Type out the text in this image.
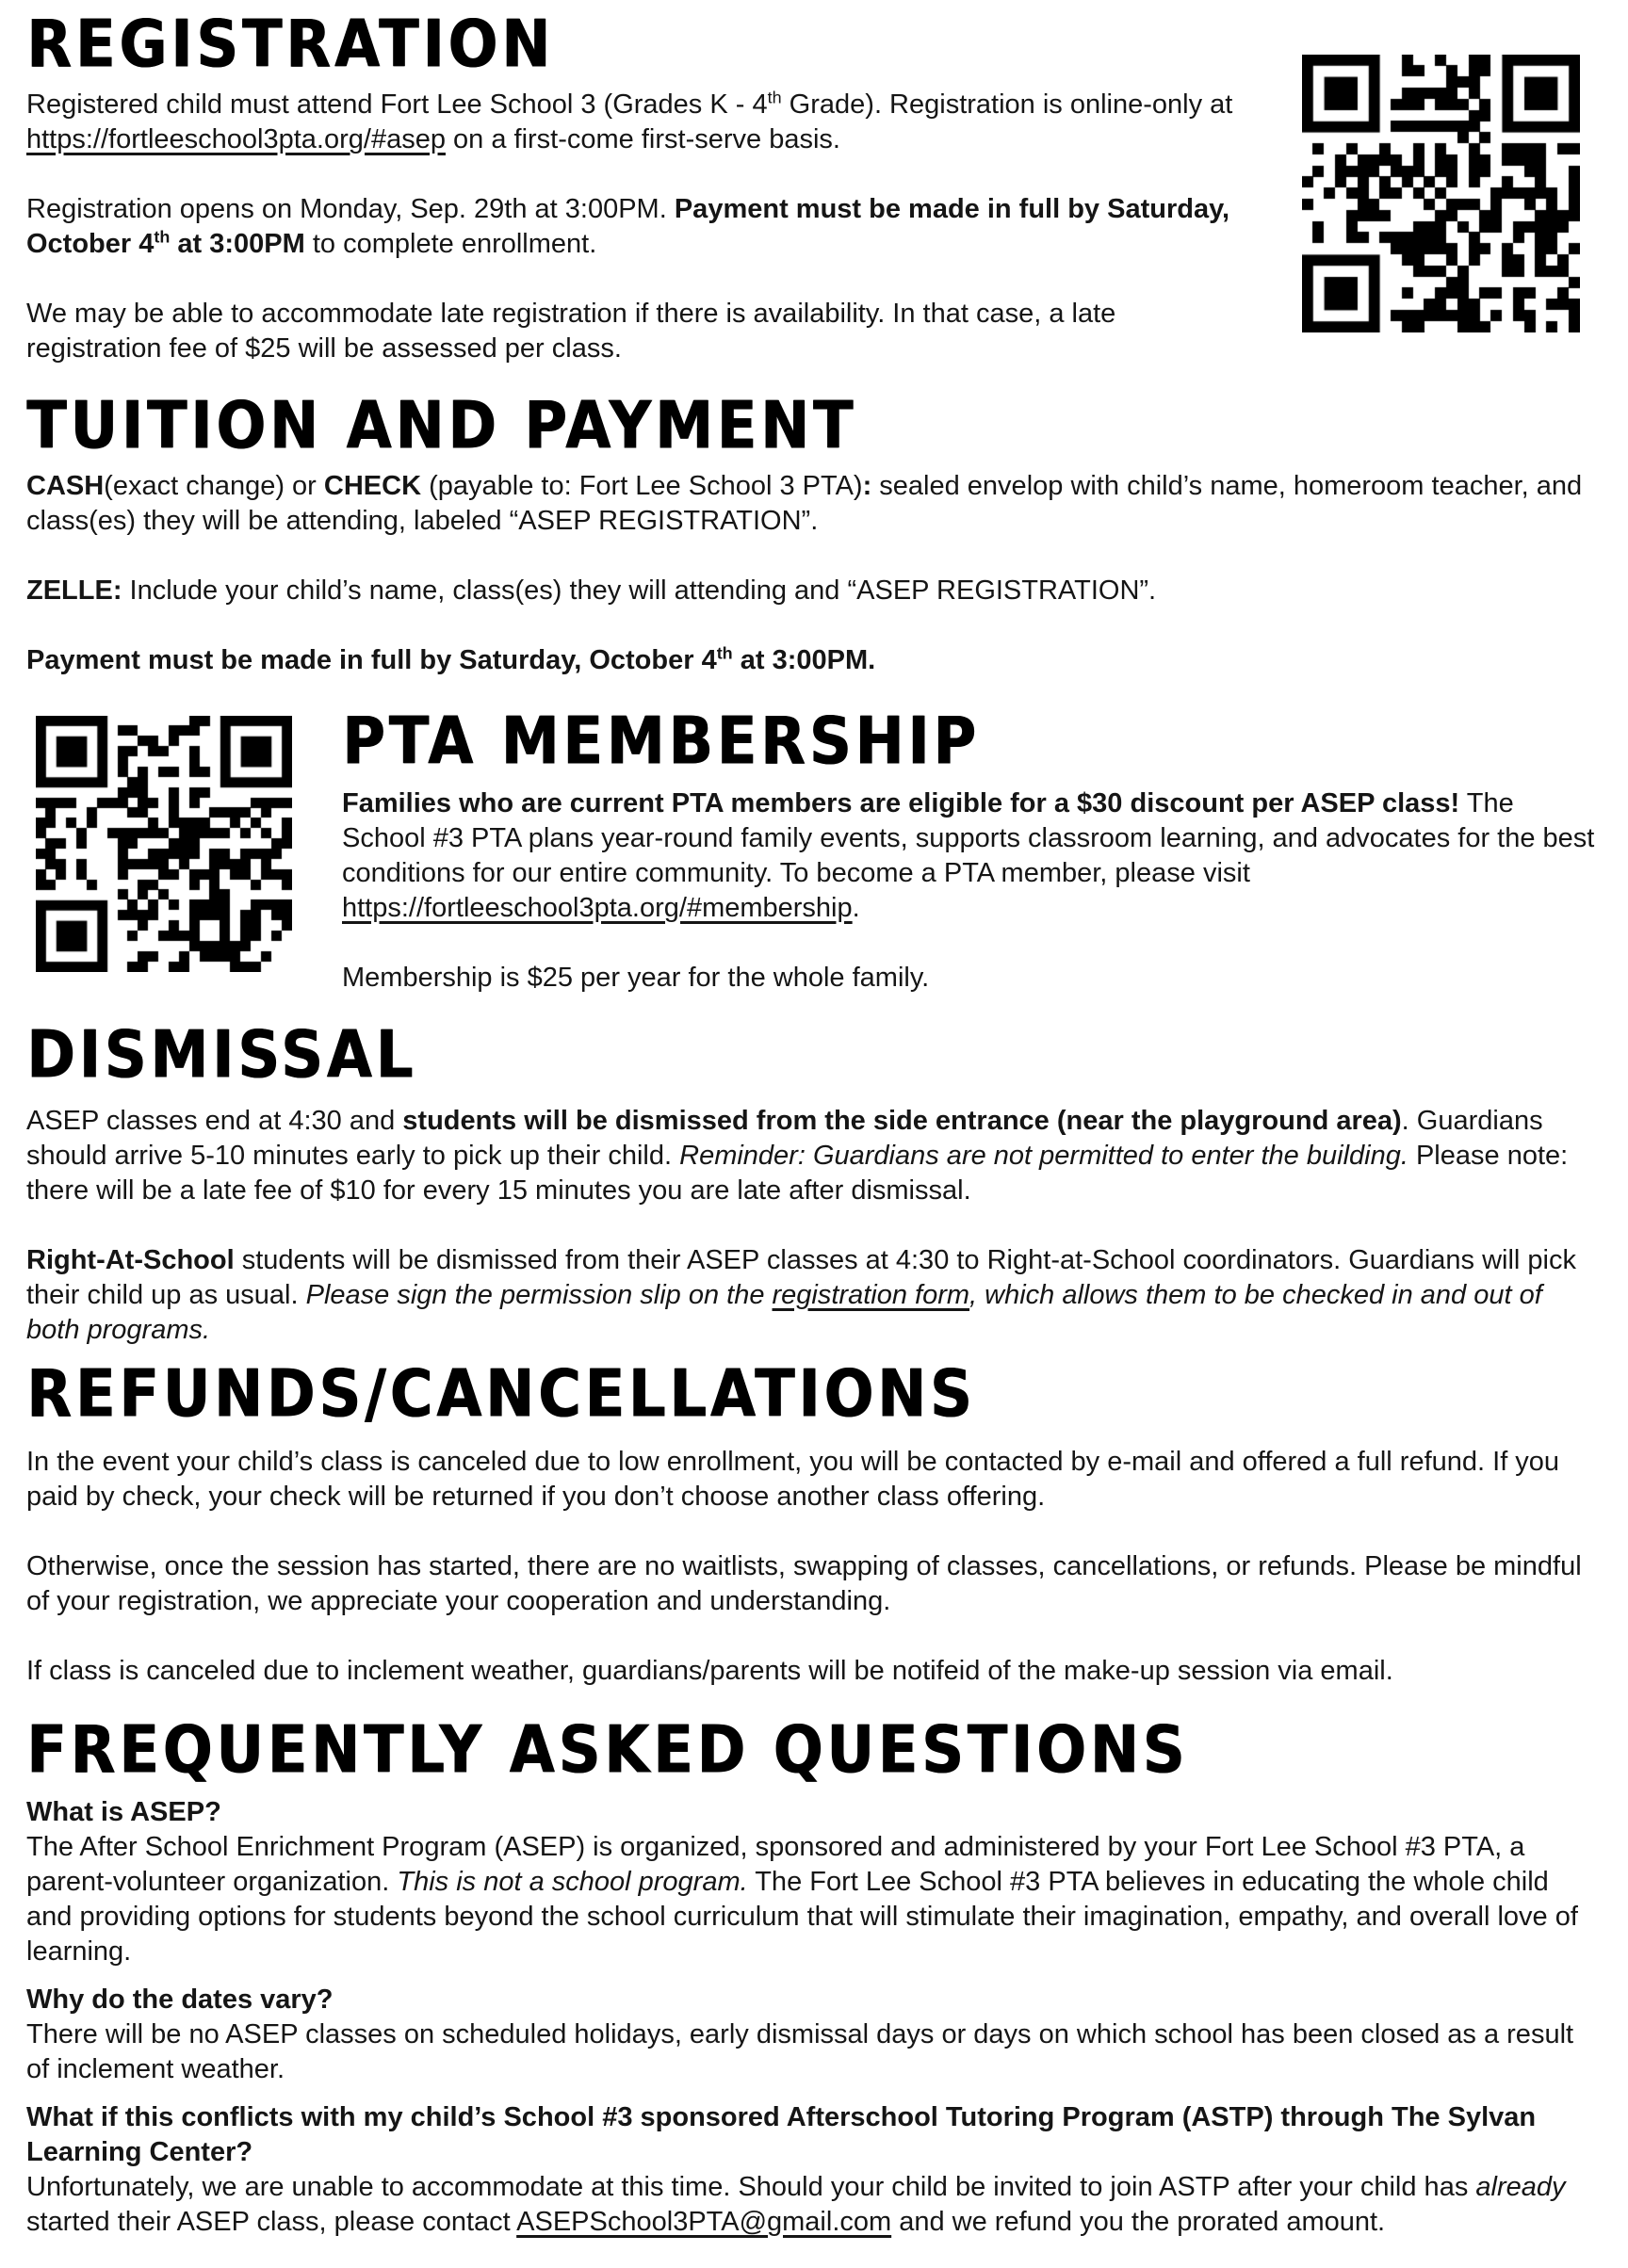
REGISTRATION

Registered child must attend Fort Lee School 3 (Grades K - 4th Grade). Registration is online-only at https://fortleeschool3pta.org/#asep on a first-come first-serve basis.

Registration opens on Monday, Sep. 29th at 3:00PM. Payment must be made in full by Saturday, October 4th at 3:00PM to complete enrollment.

We may be able to accommodate late registration if there is availability. In that case, a late registration fee of $25 will be assessed per class.

TUITION AND PAYMENT

CASH(exact change) or CHECK (payable to: Fort Lee School 3 PTA): sealed envelop with child’s name, homeroom teacher, and class(es) they will be attending, labeled “ASEP REGISTRATION”.

ZELLE: Include your child’s name, class(es) they will attending and “ASEP REGISTRATION”.

Payment must be made in full by Saturday, October 4th at 3:00PM.

PTA MEMBERSHIP

Families who are current PTA members are eligible for a $30 discount per ASEP class! The School #3 PTA plans year-round family events, supports classroom learning, and advocates for the best conditions for our entire community. To become a PTA member, please visit https://fortleeschool3pta.org/#membership.

Membership is $25 per year for the whole family.

DISMISSAL

ASEP classes end at 4:30 and students will be dismissed from the side entrance (near the playground area). Guardians should arrive 5-10 minutes early to pick up their child. Reminder: Guardians are not permitted to enter the building. Please note: there will be a late fee of $10 for every 15 minutes you are late after dismissal.

Right-At-School students will be dismissed from their ASEP classes at 4:30 to Right-at-School coordinators. Guardians will pick their child up as usual. Please sign the permission slip on the registration form, which allows them to be checked in and out of both programs.

REFUNDS/CANCELLATIONS

In the event your child’s class is canceled due to low enrollment, you will be contacted by e-mail and offered a full refund. If you paid by check, your check will be returned if you don’t choose another class offering.

Otherwise, once the session has started, there are no waitlists, swapping of classes, cancellations, or refunds. Please be mindful of your registration, we appreciate your cooperation and understanding.

If class is canceled due to inclement weather, guardians/parents will be notifeid of the make-up session via email.

FREQUENTLY ASKED QUESTIONS

What is ASEP?

The After School Enrichment Program (ASEP) is organized, sponsored and administered by your Fort Lee School #3 PTA, a parent-volunteer organization. This is not a school program. The Fort Lee School #3 PTA believes in educating the whole child and providing options for students beyond the school curriculum that will stimulate their imagination, empathy, and overall love of learning.

Why do the dates vary?

There will be no ASEP classes on scheduled holidays, early dismissal days or days on which school has been closed as a result of inclement weather.

What if this conflicts with my child’s School #3 sponsored Afterschool Tutoring Program (ASTP) through The Sylvan Learning Center?

Unfortunately, we are unable to accommodate at this time. Should your child be invited to join ASTP after your child has already started their ASEP class, please contact ASEPSchool3PTA@gmail.com and we refund you the prorated amount.
